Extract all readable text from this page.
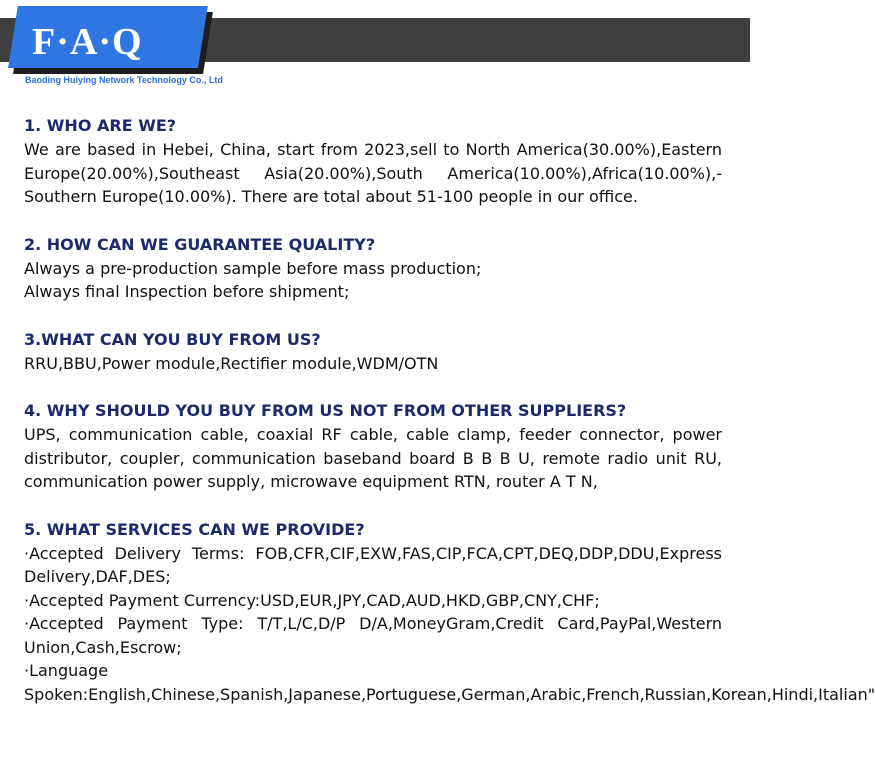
F·A·Q

Baoding Huiying Network Technology Co., Ltd

1. WHO ARE WE?

We are based in Hebei, China, start from 2023,sell to North America(30.00%),Eastern Europe(20.00%),Southeast Asia(20.00%),South America(10.00%),Africa(10.00%),-Southern Europe(10.00%). There are total about 51-100 people in our office.

2. HOW CAN WE GUARANTEE QUALITY?

Always a pre-production sample before mass production;
Always final Inspection before shipment;

3.WHAT CAN YOU BUY FROM US?

RRU,BBU,Power module,Rectifier module,WDM/OTN

4. WHY SHOULD YOU BUY FROM US NOT FROM OTHER SUPPLIERS?

UPS, communication cable, coaxial RF cable, cable clamp, feeder connector, power distributor, coupler, communication baseband board B B B U, remote radio unit RU, communication power supply, microwave equipment RTN, router A T N,

5. WHAT SERVICES CAN WE PROVIDE?

·Accepted Delivery Terms: FOB,CFR,CIF,EXW,FAS,CIP,FCA,CPT,DEQ,DDP,DDU,Express Delivery,DAF,DES;
·Accepted Payment Currency:USD,EUR,JPY,CAD,AUD,HKD,GBP,CNY,CHF;
·Accepted Payment Type: T/T,L/C,D/P D/A,MoneyGram,Credit Card,PayPal,Western Union,Cash,Escrow;
·Language Spoken:English,Chinese,Spanish,Japanese,Portuguese,German,Arabic,French,Russian,Korean,Hindi,Italian"
